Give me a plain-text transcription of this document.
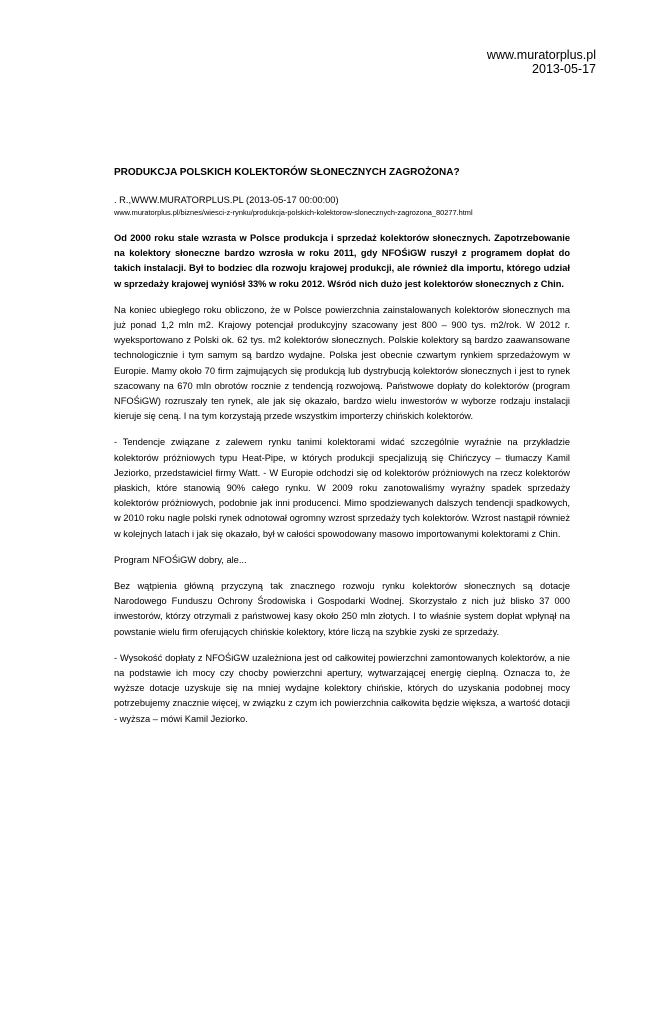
www.muratorplus.pl
2013-05-17
PRODUKCJA POLSKICH KOLEKTORÓW SŁONECZNYCH ZAGROŻONA?

. R.,WWW.MURATORPLUS.PL (2013-05-17 00:00:00)

www.muratorplus.pl/biznes/wiesci-z-rynku/produkcja-polskich-kolektorow-slonecznych-zagrozona_80277.html

Od 2000 roku stale wzrasta w Polsce produkcja i sprzedaż kolektorów słonecznych. Zapotrzebowanie na kolektory słoneczne bardzo wzrosła w roku 2011, gdy NFOŚiGW ruszył z programem dopłat do takich instalacji. Był to bodziec dla rozwoju krajowej produkcji, ale również dla importu, którego udział w sprzedaży krajowej wyniósł 33% w roku 2012. Wśród nich dużo jest kolektorów słonecznych z Chin.

Na koniec ubiegłego roku obliczono, że w Polsce powierzchnia zainstalowanych kolektorów słonecznych ma już ponad 1,2 mln m2. Krajowy potencjał produkcyjny szacowany jest 800 – 900 tys. m2/rok. W 2012 r. wyeksportowano z Polski ok. 62 tys. m2 kolektorów słonecznych. Polskie kolektory są bardzo zaawansowane technologicznie i tym samym są bardzo wydajne. Polska jest obecnie czwartym rynkiem sprzedażowym w Europie. Mamy około 70 firm zajmujących się produkcją lub dystrybucją kolektorów słonecznych i jest to rynek szacowany na 670 mln obrotów rocznie z tendencją rozwojową. Państwowe dopłaty do kolektorów (program NFOŚiGW) rozruszały ten rynek, ale jak się okazało, bardzo wielu inwestorów w wyborze rodzaju instalacji kieruje się ceną. I na tym korzystają przede wszystkim importerzy chińskich kolektorów.

- Tendencje związane z zalewem rynku tanimi kolektorami widać szczególnie wyraźnie na przykładzie kolektorów próżniowych typu Heat-Pipe, w których produkcji specjalizują się Chińczycy – tłumaczy Kamil Jeziorko, przedstawiciel firmy Watt. - W Europie odchodzi się od kolektorów próżniowych na rzecz kolektorów płaskich, które stanowią 90% całego rynku. W 2009 roku zanotowaliśmy wyraźny spadek sprzedaży kolektorów próżniowych, podobnie jak inni producenci. Mimo spodziewanych dalszych tendencji spadkowych, w 2010 roku nagle polski rynek odnotował ogromny wzrost sprzedaży tych kolektorów. Wzrost nastąpił również w kolejnych latach i jak się okazało, był w całości spowodowany masowo importowanymi kolektorami z Chin.

Program NFOŚiGW dobry, ale...

Bez wątpienia główną przyczyną tak znacznego rozwoju rynku kolektorów słonecznych są dotacje Narodowego Funduszu Ochrony Środowiska i Gospodarki Wodnej. Skorzystało z nich już blisko 37 000 inwestorów, którzy otrzymali z państwowej kasy około 250 mln złotych. I to właśnie system dopłat wpłynął na powstanie wielu firm oferujących chińskie kolektory, które liczą na szybkie zyski ze sprzedaży.

- Wysokość dopłaty z NFOŚiGW uzależniona jest od całkowitej powierzchni zamontowanych kolektorów, a nie na podstawie ich mocy czy chocby powierzchni apertury, wytwarzającej energię cieplną. Oznacza to, że wyższe dotacje uzyskuje się na mniej wydajne kolektory chińskie, których do uzyskania podobnej mocy potrzebujemy znacznie więcej, w związku z czym ich powierzchnia całkowita będzie większa, a wartość dotacji - wyższa – mówi Kamil Jeziorko.
